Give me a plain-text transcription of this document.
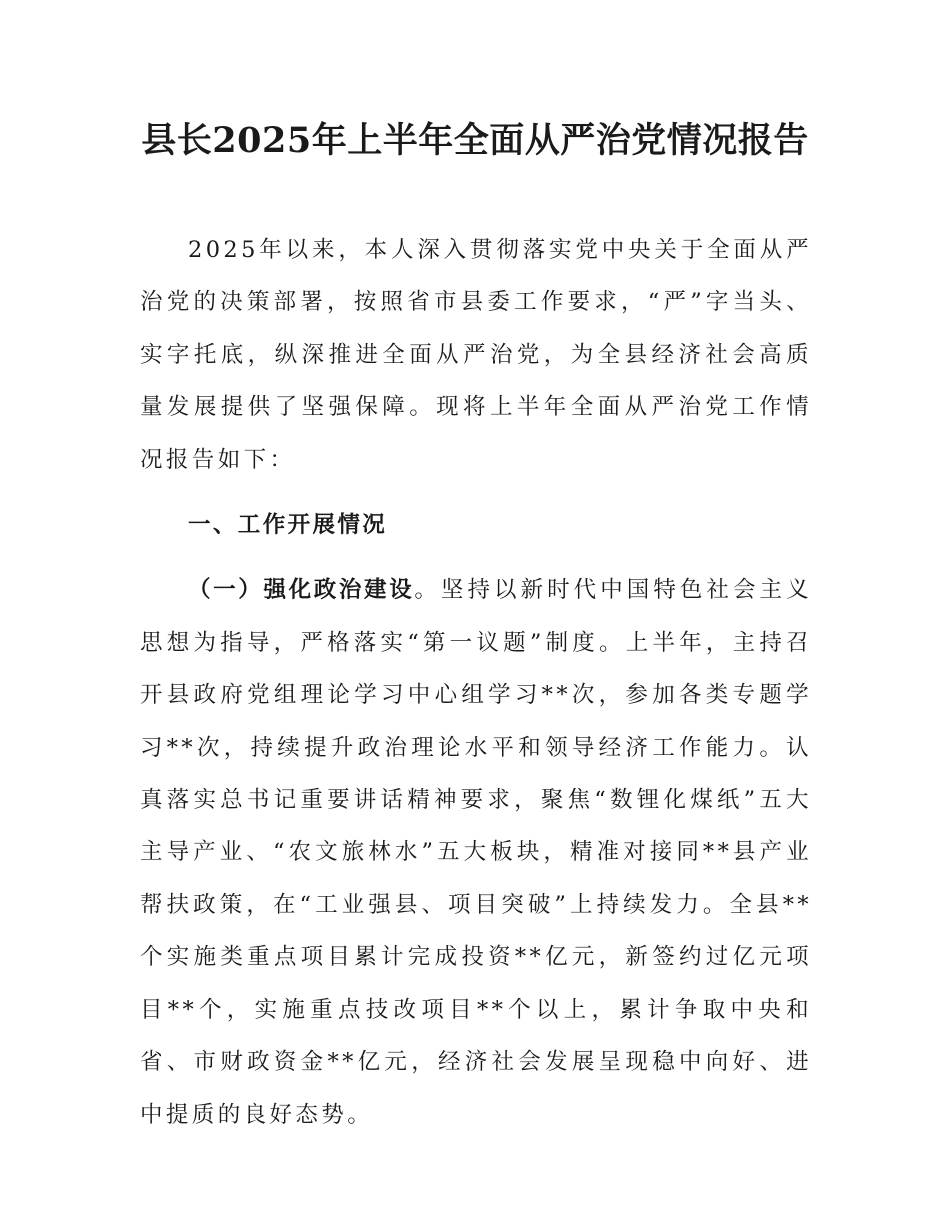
县长2025年上半年全面从严治党情况报告

2025年以来，本人深入贯彻落实党中央关于全面从严治党的决策部署，按照省市县委工作要求，“严”字当头、实字托底，纵深推进全面从严治党，为全县经济社会高质量发展提供了坚强保障。现将上半年全面从严治党工作情况报告如下：

一、工作开展情况

（一）强化政治建设。坚持以新时代中国特色社会主义思想为指导，严格落实“第一议题”制度。上半年，主持召开县政府党组理论学习中心组学习**次，参加各类专题学习**次，持续提升政治理论水平和领导经济工作能力。认真落实总书记重要讲话精神要求，聚焦“数锂化煤纸”五大主导产业、“农文旅林水”五大板块，精准对接同**县产业帮扶政策，在“工业强县、项目突破”上持续发力。全县**个实施类重点项目累计完成投资**亿元，新签约过亿元项目**个，实施重点技改项目**个以上，累计争取中央和省、市财政资金**亿元，经济社会发展呈现稳中向好、进中提质的良好态势。
